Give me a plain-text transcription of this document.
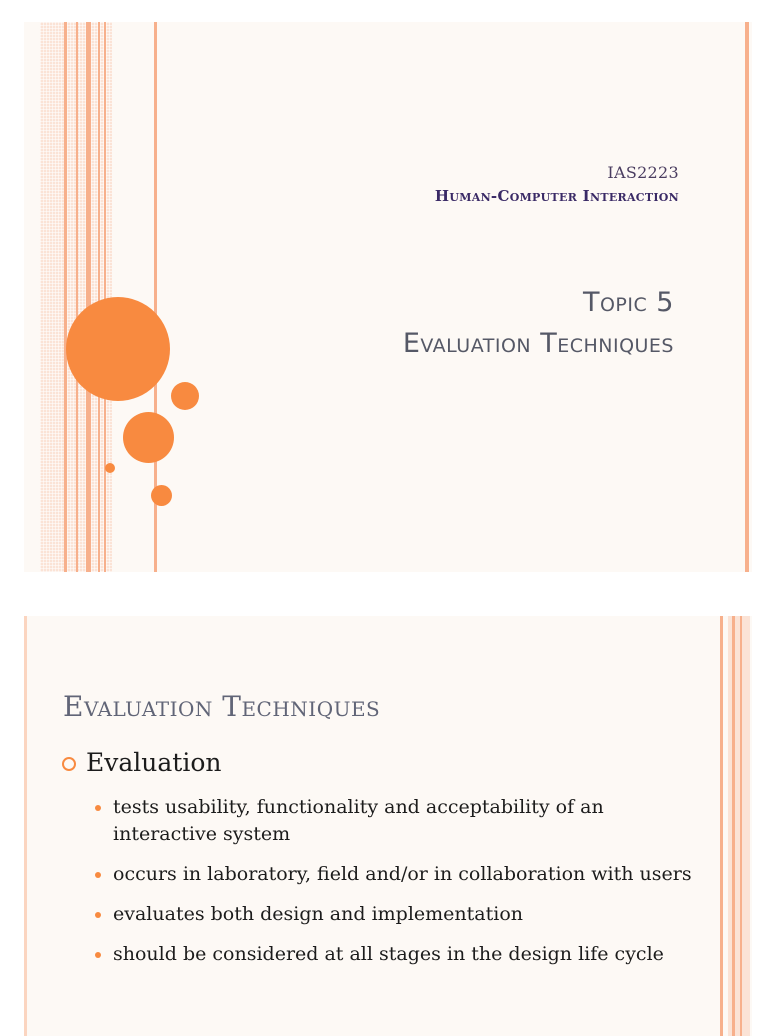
IAS2223
Human-Computer Interaction
Topic 5
Evaluation Techniques
Evaluation Techniques
Evaluation
tests usability, functionality and acceptability of an interactive system
occurs in laboratory, field and/or in collaboration with users
evaluates both design and implementation
should be considered at all stages in the design life cycle
